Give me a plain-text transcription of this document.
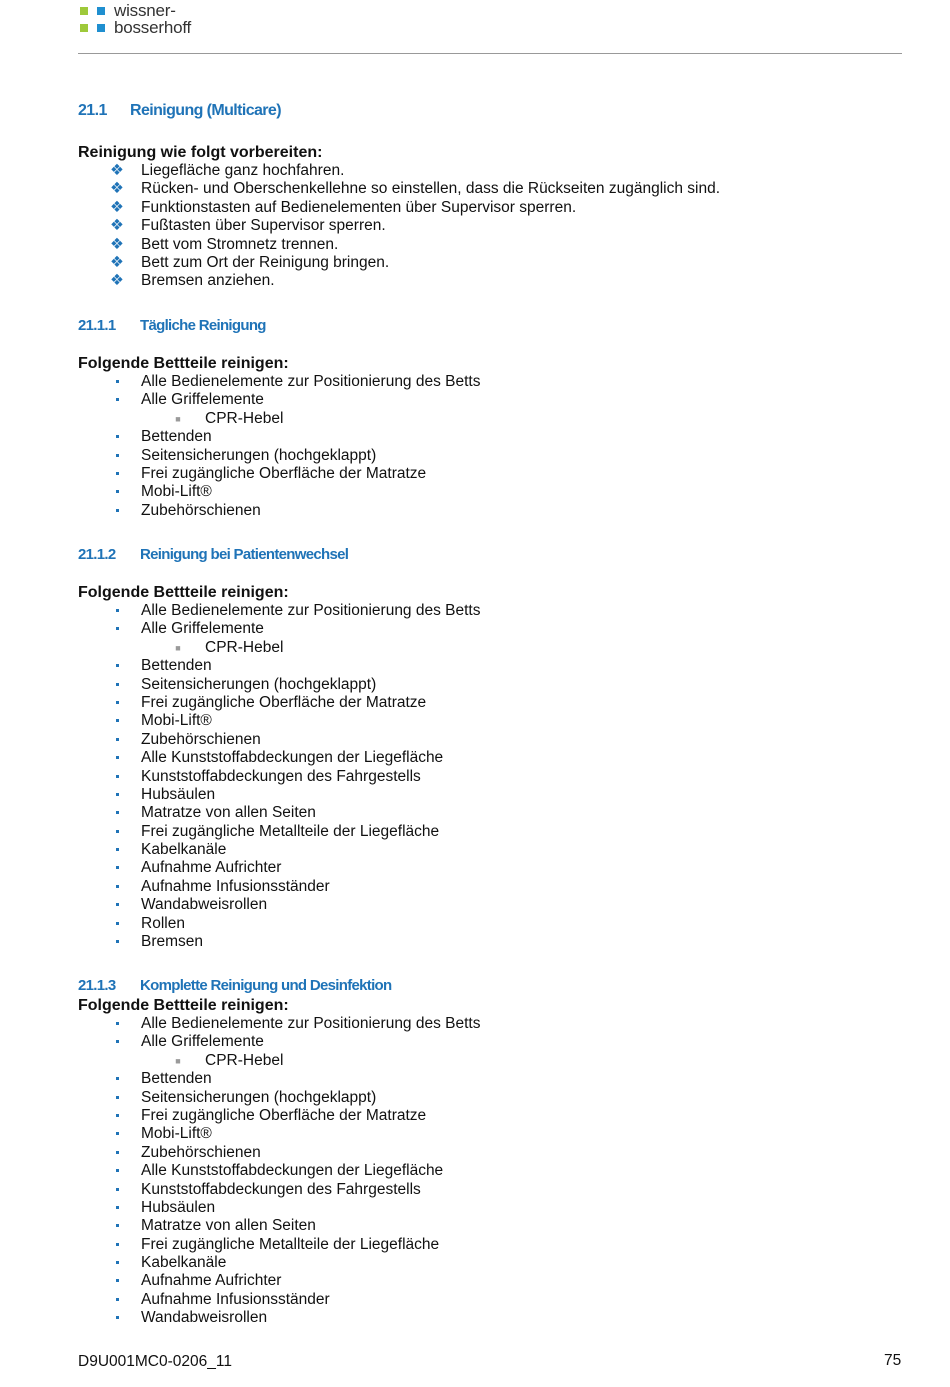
wissner-
bosserhoff
21.1 Reinigung (Multicare)
Reinigung wie folgt vorbereiten:
❖ Liegefläche ganz hochfahren.
❖ Rücken- und Oberschenkellehne so einstellen, dass die Rückseiten zugänglich sind.
❖ Funktionstasten auf Bedienelementen über Supervisor sperren.
❖ Fußtasten über Supervisor sperren.
❖ Bett vom Stromnetz trennen.
❖ Bett zum Ort der Reinigung bringen.
❖ Bremsen anziehen.
21.1.1 Tägliche Reinigung
Folgende Bettteile reinigen:
Alle Bedienelemente zur Positionierung des Betts
Alle Griffelemente
■ CPR-Hebel
Bettenden
Seitensicherungen (hochgeklappt)
Frei zugängliche Oberfläche der Matratze
Mobi-Lift®
Zubehörschienen
21.1.2 Reinigung bei Patientenwechsel
Folgende Bettteile reinigen:
Alle Bedienelemente zur Positionierung des Betts
Alle Griffelemente
■ CPR-Hebel
Bettenden
Seitensicherungen (hochgeklappt)
Frei zugängliche Oberfläche der Matratze
Mobi-Lift®
Zubehörschienen
Alle Kunststoffabdeckungen der Liegefläche
Kunststoffabdeckungen des Fahrgestells
Hubsäulen
Matratze von allen Seiten
Frei zugängliche Metallteile der Liegefläche
Kabelkanäle
Aufnahme Aufrichter
Aufnahme Infusionsständer
Wandabweisrollen
Rollen
Bremsen
21.1.3 Komplette Reinigung und Desinfektion
Folgende Bettteile reinigen:
Alle Bedienelemente zur Positionierung des Betts
Alle Griffelemente
■ CPR-Hebel
Bettenden
Seitensicherungen (hochgeklappt)
Frei zugängliche Oberfläche der Matratze
Mobi-Lift®
Zubehörschienen
Alle Kunststoffabdeckungen der Liegefläche
Kunststoffabdeckungen des Fahrgestells
Hubsäulen
Matratze von allen Seiten
Frei zugängliche Metallteile der Liegefläche
Kabelkanäle
Aufnahme Aufrichter
Aufnahme Infusionsständer
Wandabweisrollen
D9U001MC0-0206_11	75
